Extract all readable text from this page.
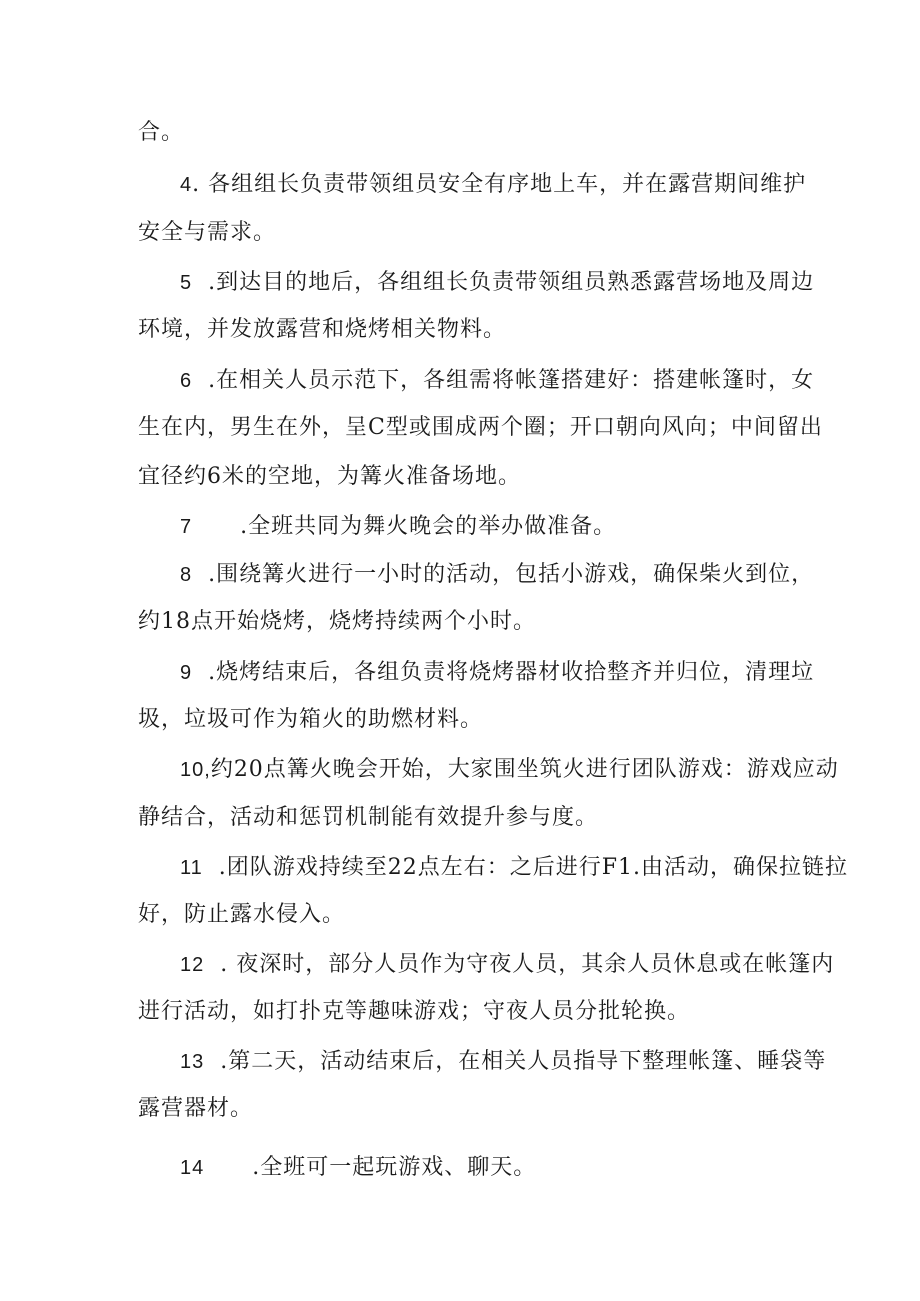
合。
4. 各组组长负责带领组员安全有序地上车，并在露营期间维护
安全与需求。
5 .到达目的地后，各组组长负责带领组员熟悉露营场地及周边
环境，并发放露营和烧烤相关物料。
6 .在相关人员示范下，各组需将帐篷搭建好：搭建帐篷时，女
生在内，男生在外，呈C型或围成两个圈；开口朝向风向；中间留出
宜径约6米的空地，为篝火准备场地。
7 .全班共同为舞火晚会的举办做准备。
8 .围绕篝火进行一小时的活动，包括小游戏，确保柴火到位，
约18点开始烧烤，烧烤持续两个小时。
9 .烧烤结束后，各组负责将烧烤器材收拾整齐并归位，清理垃
圾，垃圾可作为箱火的助燃材料。
10,约20点篝火晚会开始，大家围坐筑火进行团队游戏：游戏应动
静结合，活动和惩罚机制能有效提升参与度。
11 .团队游戏持续至22点左右：之后进行F1.由活动，确保拉链拉
好，防止露水侵入。
12 . 夜深时，部分人员作为守夜人员，其余人员休息或在帐篷内
进行活动，如打扑克等趣味游戏；守夜人员分批轮换。
13 .第二天，活动结束后，在相关人员指导下整理帐篷、睡袋等
露营器材。
14 .全班可一起玩游戏、聊天。
